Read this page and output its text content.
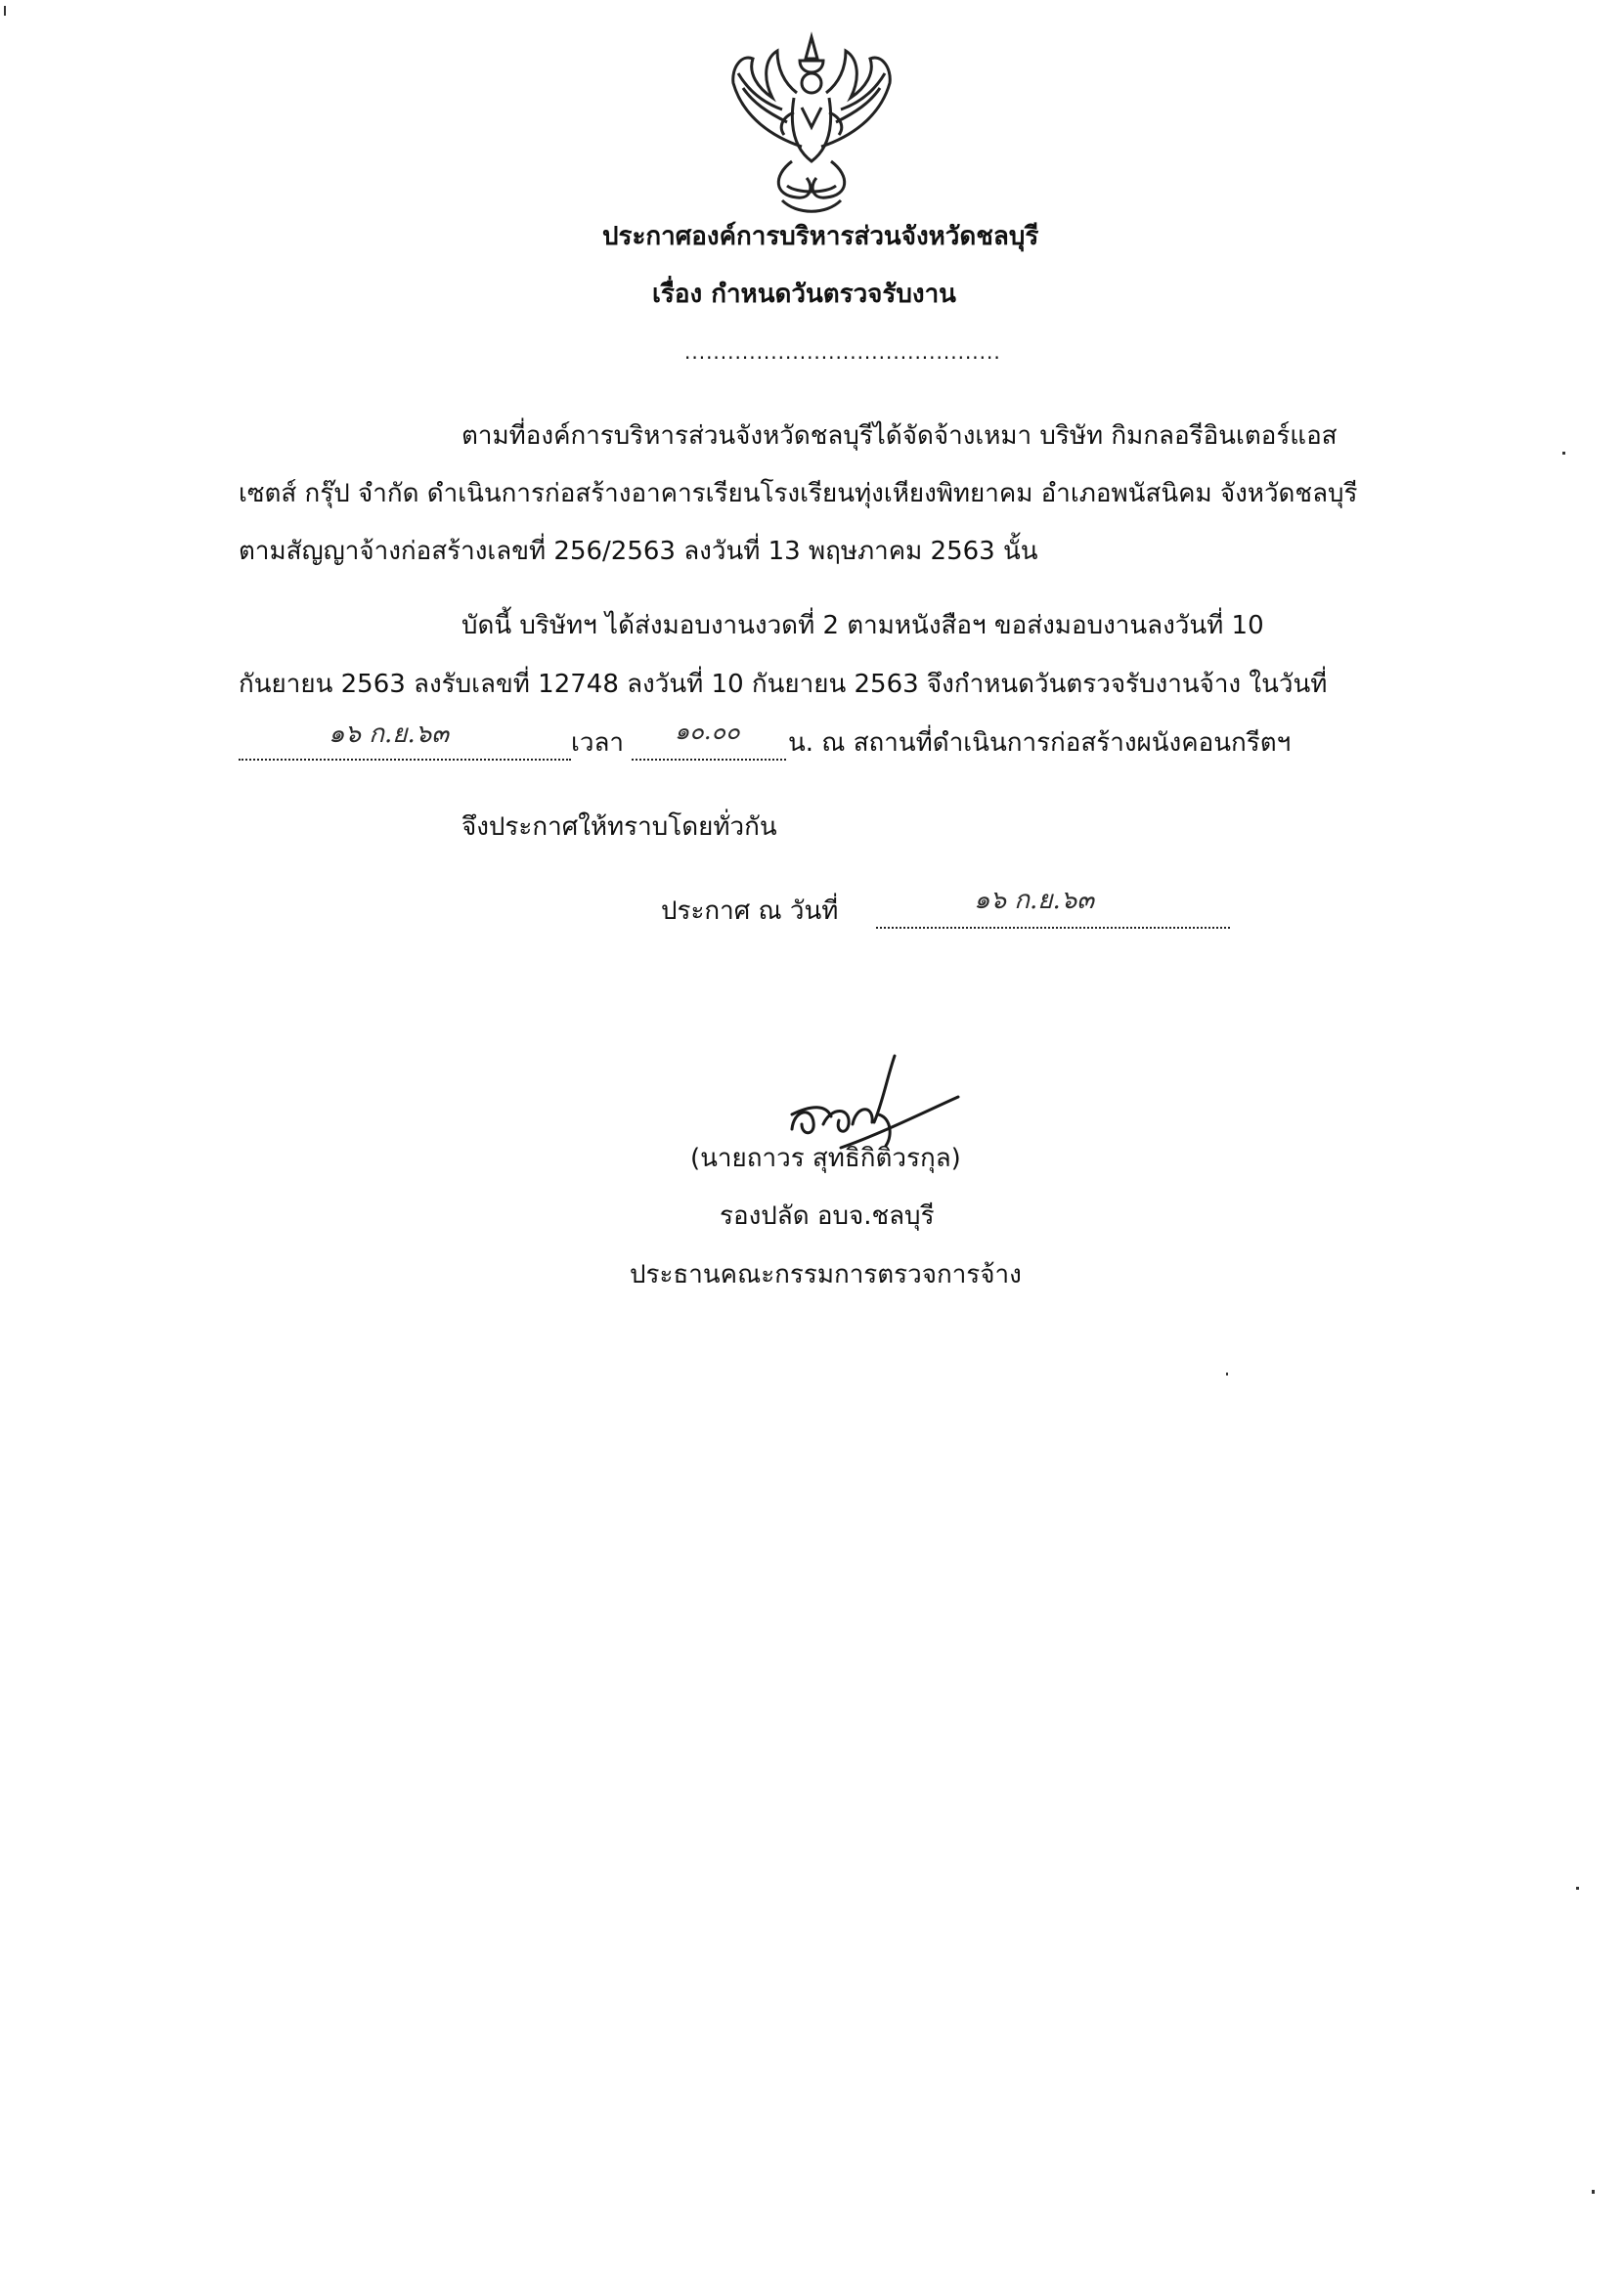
ประกาศองค์การบริหารส่วนจังหวัดชลบุรี
เรื่อง กำหนดวันตรวจรับงาน
............................................
ตามที่องค์การบริหารส่วนจังหวัดชลบุรีได้จัดจ้างเหมา บริษัท กิมกลอรีอินเตอร์แอส
เซตส์ กรุ๊ป จำกัด ดำเนินการก่อสร้างอาคารเรียนโรงเรียนทุ่งเหียงพิทยาคม อำเภอพนัสนิคม จังหวัดชลบุรี
ตามสัญญาจ้างก่อสร้างเลขที่ 256/2563 ลงวันที่ 13 พฤษภาคม 2563 นั้น
บัดนี้ บริษัทฯ ได้ส่งมอบงานงวดที่ 2 ตามหนังสือฯ ขอส่งมอบงานลงวันที่ 10
กันยายน 2563 ลงรับเลขที่ 12748 ลงวันที่ 10 กันยายน 2563 จึงกำหนดวันตรวจรับงานจ้าง ในวันที่
๑๖ ก.ย.๖๓	เวลา ๑๐.๐๐ น. ณ สถานที่ดำเนินการก่อสร้างผนังคอนกรีตฯ
จึงประกาศให้ทราบโดยทั่วกัน
ประกาศ ณ วันที่	๑๖ ก.ย.๖๓
(นายถาวร สุทธิกิติวรกุล)
รองปลัด อบจ.ชลบุรี
ประธานคณะกรรมการตรวจการจ้าง
